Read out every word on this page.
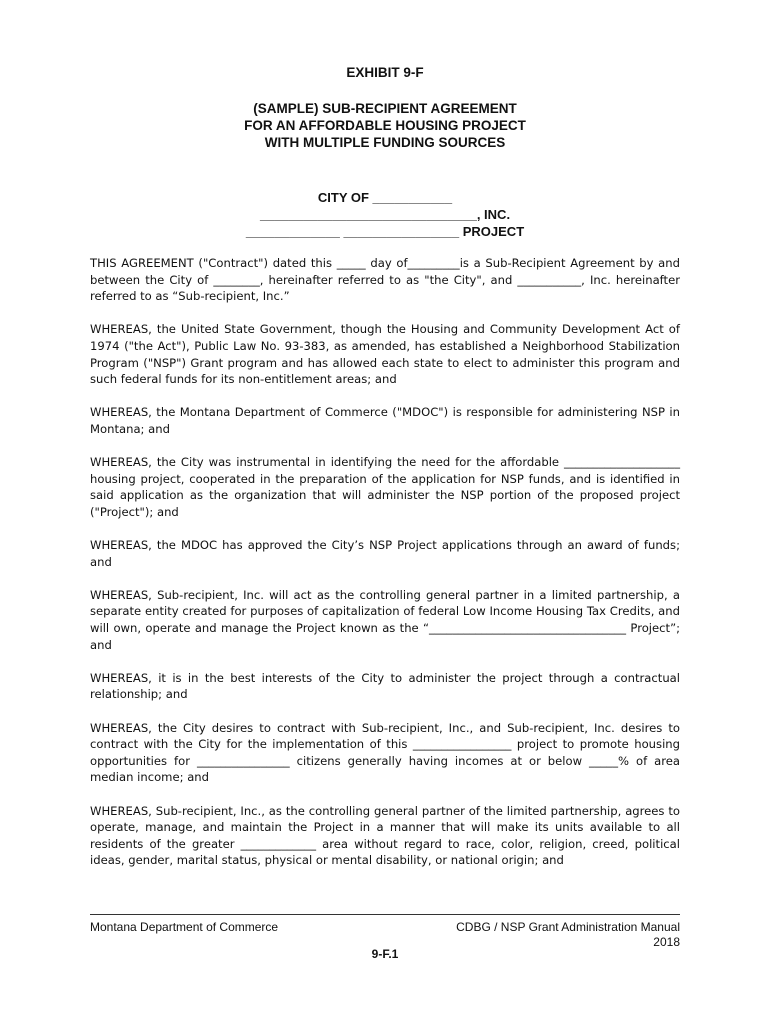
EXHIBIT 9-F
(SAMPLE) SUB-RECIPIENT AGREEMENT
FOR AN AFFORDABLE HOUSING PROJECT
WITH MULTIPLE FUNDING SOURCES
CITY OF ___________
______________________________, INC.
_____________ ________________ PROJECT

THIS AGREEMENT ("Contract") dated this _____ day of_________is a Sub-Recipient Agreement by and between the City of ________, hereinafter referred to as "the City", and ___________, Inc. hereinafter referred to as “Sub-recipient, Inc.”

WHEREAS, the United State Government, though the Housing and Community Development Act of 1974 ("the Act"), Public Law No. 93-383, as amended, has established a Neighborhood Stabilization Program ("NSP") Grant program and has allowed each state to elect to administer this program and such federal funds for its non-entitlement areas; and

WHEREAS, the Montana Department of Commerce ("MDOC") is responsible for administering NSP in Montana; and

WHEREAS, the City was instrumental in identifying the need for the affordable ____________________ housing project, cooperated in the preparation of the application for NSP funds, and is identified in said application as the organization that will administer the NSP portion of the proposed project ("Project"); and

WHEREAS, the MDOC has approved the City’s NSP Project applications through an award of funds; and

WHEREAS, Sub-recipient, Inc. will act as the controlling general partner in a limited partnership, a separate entity created for purposes of capitalization of federal Low Income Housing Tax Credits, and will own, operate and manage the Project known as the “__________________________________ Project”; and

WHEREAS, it is in the best interests of the City to administer the project through a contractual relationship; and

WHEREAS, the City desires to contract with Sub-recipient, Inc., and Sub-recipient, Inc. desires to contract with the City for the implementation of this _________________ project to promote housing opportunities for ________________ citizens generally having incomes at or below _____% of area median income; and

WHEREAS, Sub-recipient, Inc., as the controlling general partner of the limited partnership, agrees to operate, manage, and maintain the Project in a manner that will make its units available to all residents of the greater _____________ area without regard to race, color, religion, creed, political ideas, gender, marital status, physical or mental disability, or national origin; and

Montana Department of Commerce	CDBG / NSP Grant Administration Manual
2018
9-F.1
